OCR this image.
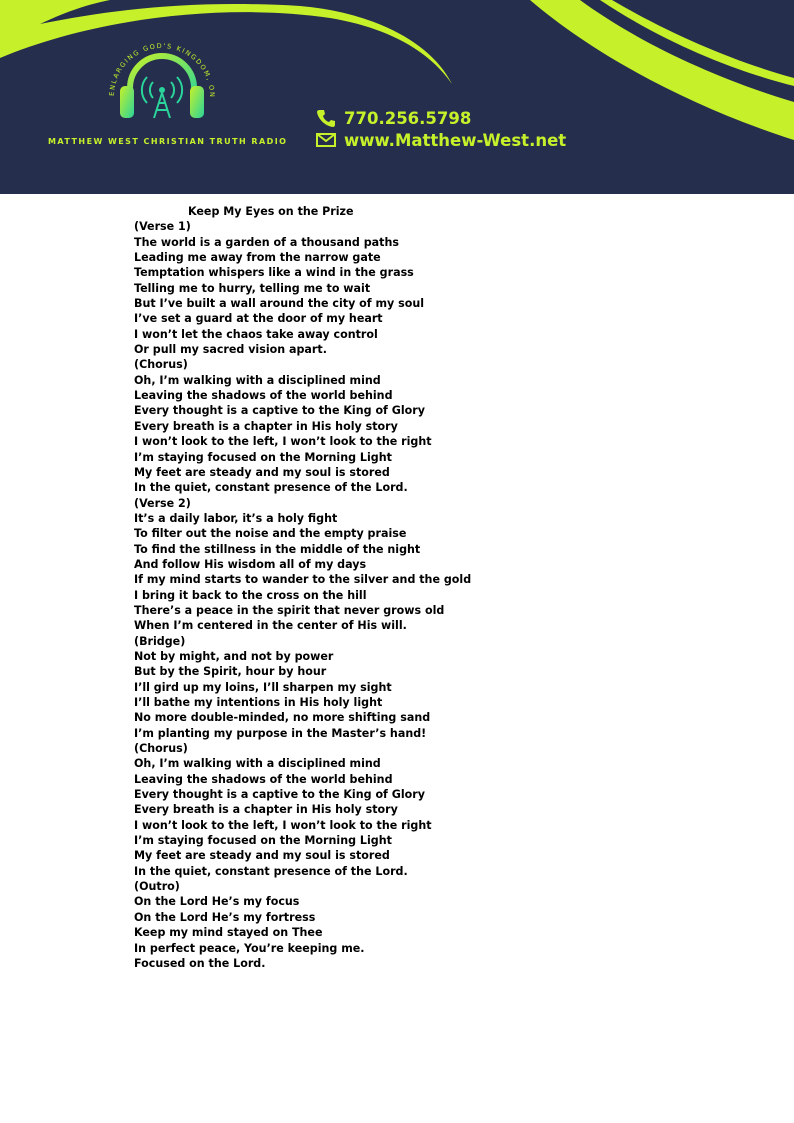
ENLARGING GOD'S KINGDOM, ON
MATTHEW WEST CHRISTIAN TRUTH RADIO
770.256.5798
www.Matthew-West.net
Keep My Eyes on the Prize
(Verse 1)
The world is a garden of a thousand paths
Leading me away from the narrow gate
Temptation whispers like a wind in the grass
Telling me to hurry, telling me to wait
But I’ve built a wall around the city of my soul
I’ve set a guard at the door of my heart
I won’t let the chaos take away control
Or pull my sacred vision apart.
(Chorus)
Oh, I’m walking with a disciplined mind
Leaving the shadows of the world behind
Every thought is a captive to the King of Glory
Every breath is a chapter in His holy story
I won’t look to the left, I won’t look to the right
I’m staying focused on the Morning Light
My feet are steady and my soul is stored
In the quiet, constant presence of the Lord.
(Verse 2)
It’s a daily labor, it’s a holy fight
To filter out the noise and the empty praise
To find the stillness in the middle of the night
And follow His wisdom all of my days
If my mind starts to wander to the silver and the gold
I bring it back to the cross on the hill
There’s a peace in the spirit that never grows old
When I’m centered in the center of His will.
(Bridge)
Not by might, and not by power
But by the Spirit, hour by hour
I’ll gird up my loins, I’ll sharpen my sight
I’ll bathe my intentions in His holy light
No more double-minded, no more shifting sand
I’m planting my purpose in the Master’s hand!
(Chorus)
Oh, I’m walking with a disciplined mind
Leaving the shadows of the world behind
Every thought is a captive to the King of Glory
Every breath is a chapter in His holy story
I won’t look to the left, I won’t look to the right
I’m staying focused on the Morning Light
My feet are steady and my soul is stored
In the quiet, constant presence of the Lord.
(Outro)
On the Lord He’s my focus
On the Lord He’s my fortress
Keep my mind stayed on Thee
In perfect peace, You’re keeping me.
Focused on the Lord.
